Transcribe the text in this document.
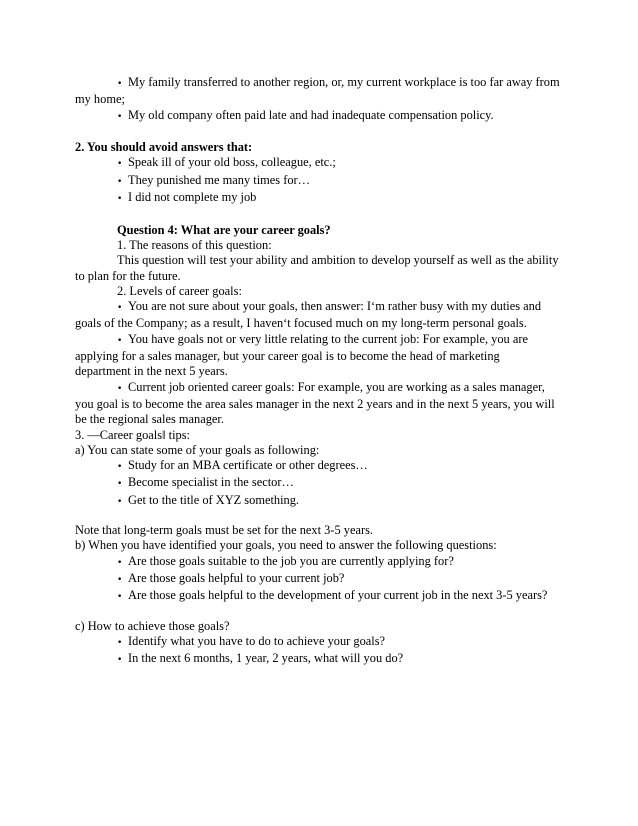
• My family transferred to another region, or, my current workplace is too far away from

my home;

• My old company often paid late and had inadequate compensation policy.

2. You should avoid answers that:

• Speak ill of your old boss, colleague, etc.;

• They punished me many times for…

• I did not complete my job

Question 4: What are your career goals?

1. The reasons of this question:

This question will test your ability and ambition to develop yourself as well as the ability

to plan for the future.

2. Levels of career goals:

• You are not sure about your goals, then answer: I‘m rather busy with my duties and

goals of the Company; as a result, I haven‘t focused much on my long-term personal goals.

• You have goals not or very little relating to the current job: For example, you are

applying for a sales manager, but your career goal is to become the head of marketing

department in the next 5 years.

• Current job oriented career goals: For example, you are working as a sales manager,

you goal is to become the area sales manager in the next 2 years and in the next 5 years, you will

be the regional sales manager.

3. ―Career goals‖ tips:

a) You can state some of your goals as following:

• Study for an MBA certificate or other degrees…

• Become specialist in the sector…

• Get to the title of XYZ something.

Note that long-term goals must be set for the next 3-5 years.

b) When you have identified your goals, you need to answer the following questions:

• Are those goals suitable to the job you are currently applying for?

• Are those goals helpful to your current job?

• Are those goals helpful to the development of your current job in the next 3-5 years?

c) How to achieve those goals?

• Identify what you have to do to achieve your goals?

• In the next 6 months, 1 year, 2 years, what will you do?
